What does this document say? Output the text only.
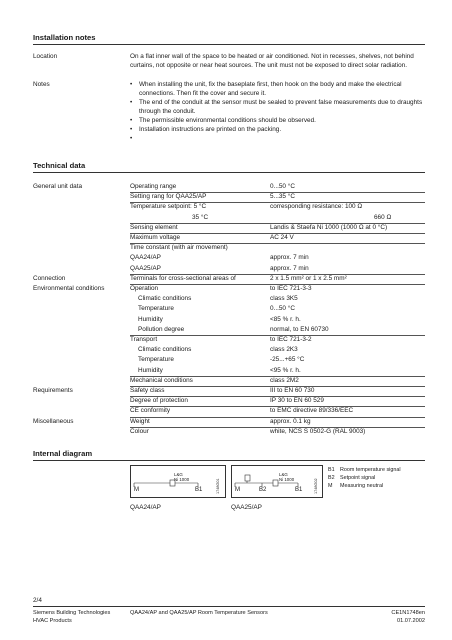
Installation notes
Location	On a flat inner wall of the space to be heated or air conditioned. Not in recesses, shelves, not behind curtains, not opposite or near heat sources. The unit must not be exposed to direct solar radiation.
Notes
•	When installing the unit, fix the baseplate first, then hook on the body and make the electrical connections. Then fit the cover and secure it.
• The end of the conduit at the sensor must be sealed to prevent false measurements due to draughts through the conduit.
• The permissible environmental conditions should be observed.
• Installation instructions are printed on the packing.
•
Technical data
General unit data
Connection
Environmental conditions
Requirements
Miscellaneous
Operating range	0...50 °C
Setting rang for QAA25/AP	5...35 °C
Temperature setpoint: 5 °C	corresponding resistance: 100 Ω
35 °C	660 Ω
Sensing element	Landis & Staefa Ni 1000 (1000 Ω at 0 °C)
Maximum voltage	AC 24 V
Time constant (with air movement)
QAA24/AP	approx. 7 min
QAA25/AP	approx. 7 min
Terminals for cross-sectional areas of	2 x 1.5 mm² or 1 x 2.5 mm²
Operation	to IEC 721-3-3
Climatic conditions	class 3K5
Temperature	0...50 °C
Humidity	<85 % r. h.
Pollution degree	normal, to EN 60730
Transport	to IEC 721-3-2
Climatic conditions	class 2K3
Temperature	-25...+65 °C
Humidity	<95 % r. h.
Mechanical conditions	class 2M2
Safety class	III to EN 60 730
Degree of protection	IP 30 to EN 60 529
CE conformity	to EMC directive 89/336/EEC
Weight	approx. 0.1 kg
Colour	white, NCS S 0502-G (RAL 9003)
Internal diagram
M
L&G
Ni 1000
B1	1748G01	M
L&G
Ni 1000
B2	B1	1748G02
QAA24/AP	QAA25/AP
B1 Room temperature signal
B2 Setpoint signal
M Measuring neutral
2/4
Siemens Building Technologies
HVAC Products
QAA24/AP and QAA25/AP Room Temperature Sensors	CE1N1748en
01.07.2002
